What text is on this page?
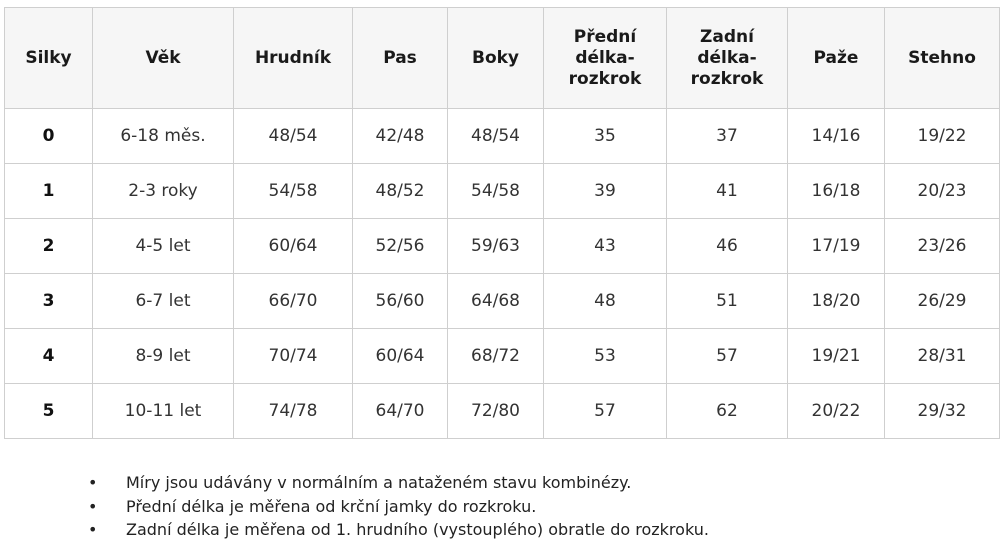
Silky	Věk	Hrudník	Pas	Boky	Přední
délka-
rozkrok	Zadní
délka-
rozkrok	Paže	Stehno
0	6-18 měs.	48/54	42/48	48/54	35	37	14/16	19/22
1	2-3 roky	54/58	48/52	54/58	39	41	16/18	20/23
2	4-5 let	60/64	52/56	59/63	43	46	17/19	23/26
3	6-7 let	66/70	56/60	64/68	48	51	18/20	26/29
4	8-9 let	70/74	60/64	68/72	53	57	19/21	28/31
5	10-11 let	74/78	64/70	72/80	57	62	20/22	29/32
• Míry jsou udávány v normálním a nataženém stavu kombinézy.
• Přední délka je měřena od krční jamky do rozkroku.
• Zadní délka je měřena od 1. hrudního (vystouplého) obratle do rozkroku.
